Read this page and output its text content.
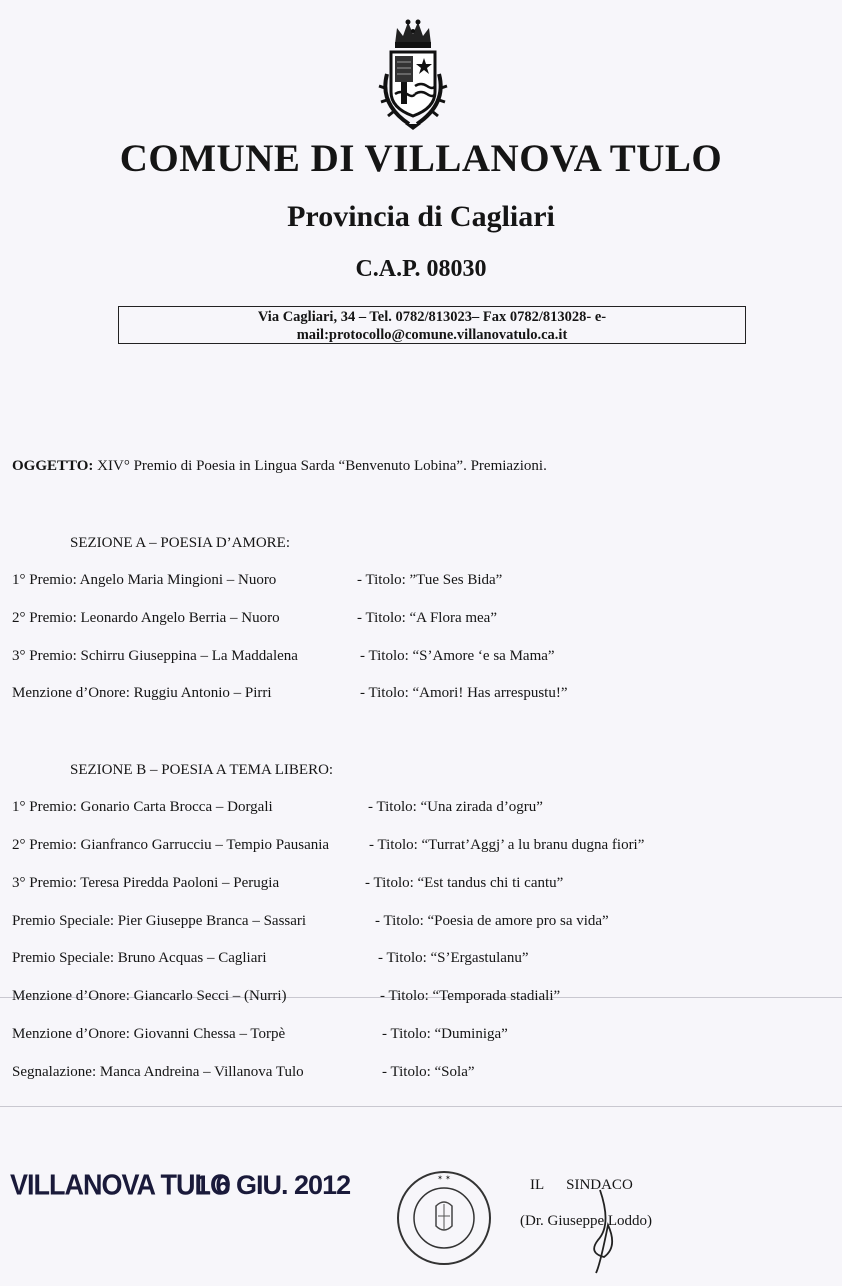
COMUNE DI VILLANOVA TULO
Provincia di Cagliari
C.A.P. 08030
Via Cagliari, 34 – Tel. 0782/813023– Fax 0782/813028- e-
mail:protocollo@comune.villanovatulo.ca.it
OGGETTO: XIV° Premio di Poesia in Lingua Sarda “Benvenuto Lobina”. Premiazioni.
SEZIONE A – POESIA D’AMORE:
1° Premio: Angelo Maria Mingioni – Nuoro	- Titolo: ”Tue Ses Bida”
2° Premio: Leonardo Angelo Berria – Nuoro	- Titolo: “A Flora mea”
3° Premio: Schirru Giuseppina – La Maddalena	- Titolo: “S’Amore ‘e sa Mama”
Menzione d’Onore: Ruggiu Antonio – Pirri	- Titolo: “Amori! Has arrespustu!”
SEZIONE B – POESIA A TEMA LIBERO:
1° Premio: Gonario Carta Brocca – Dorgali	- Titolo: “Una zirada d’ogru”
2° Premio: Gianfranco Garrucciu – Tempio Pausania	- Titolo: “Turrat’Aggj’ a lu branu dugna fiori”
3° Premio: Teresa Piredda Paoloni – Perugia	- Titolo: “Est tandus chi ti cantu”
Premio Speciale: Pier Giuseppe Branca – Sassari	- Titolo: “Poesia de amore pro sa vida”
Premio Speciale: Bruno Acquas – Cagliari	- Titolo: “S’Ergastulanu”
Menzione d’Onore: Giancarlo Secci – (Nurri)	- Titolo: “Temporada stadiali”
Menzione d’Onore: Giovanni Chessa – Torpè	- Titolo: “Duminiga”
Segnalazione: Manca Andreina – Villanova Tulo	- Titolo: “Sola”
VILLANOVA TULO
1 6 GIU. 2012	✶ ✶	IL      SINDACO
(Dr. Giuseppe Loddo)
